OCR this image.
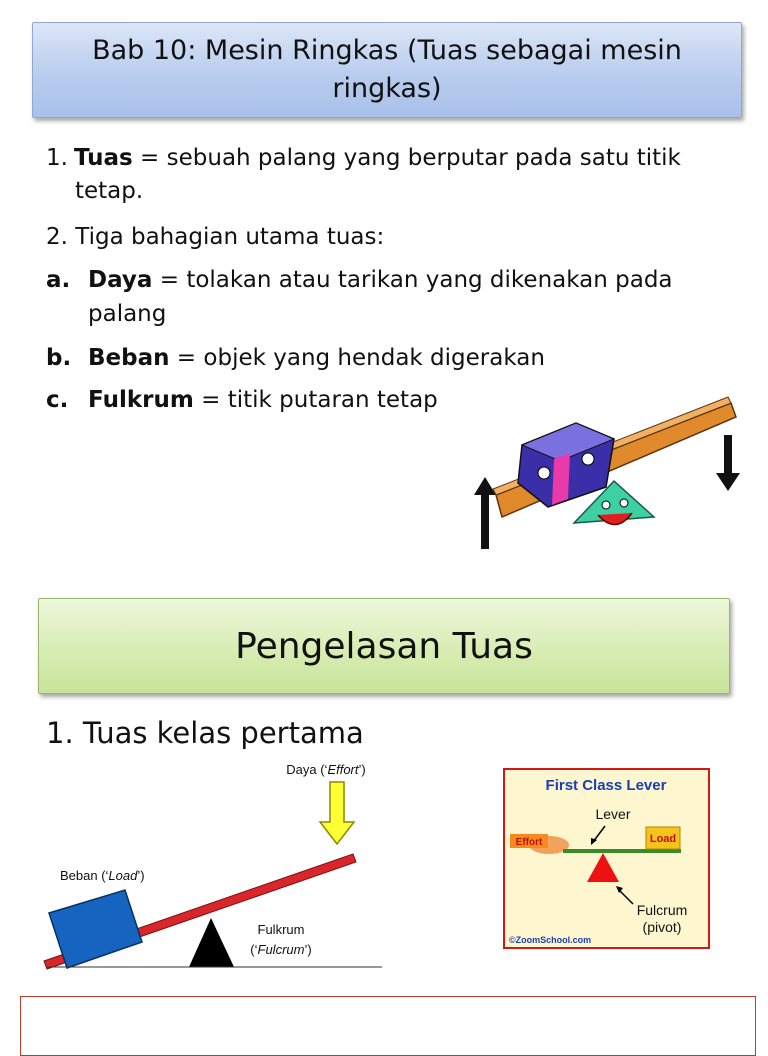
Bab 10: Mesin Ringkas (Tuas sebagai mesin ringkas)
1. Tuas = sebuah palang yang berputar pada satu titik
tetap.
2. Tiga bahagian utama tuas:
a. Daya = tolakan atau tarikan yang dikenakan pada
palang
b. Beban = objek yang hendak digerakan
c. Fulkrum = titik putaran tetap
Pengelasan Tuas
1. Tuas kelas pertama
Daya (‘Effort’)
Beban (‘Load’)
Fulkrum
(‘Fulcrum’)
First Class Lever
Lever
Effort	Load
Fulcrum
(pivot)
©ZoomSchool.com
